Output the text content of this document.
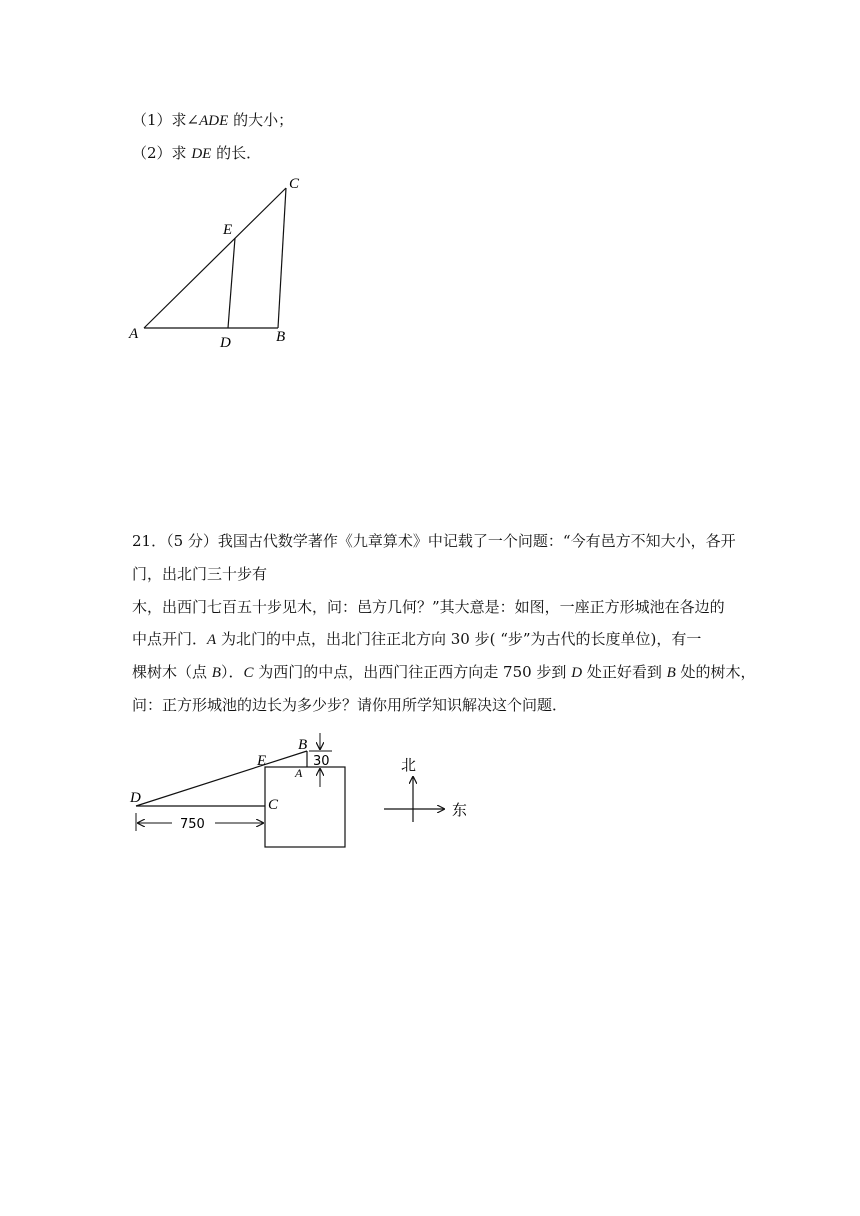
（1）求∠ADE 的大小；
（2）求 DE 的长．
A	B
C
D
E
21．（5 分）我国古代数学著作《九章算术》中记载了一个问题：“今有邑方不知大小，各开
门，出北门三十步有
木，出西门七百五十步见木，问：邑方几何？”其大意是：如图，一座正方形城池在各边的
中点开门．A 为北门的中点，出北门往正北方向 30 步( “步”为古代的长度单位)，有一
棵树木（点 B）．C 为西门的中点，出西门往正西方向走 750 步到 D 处正好看到 B 处的树木，
问：正方形城池的边长为多少步？请你用所学知识解决这个问题．
30
750
D	C
E
B
A	北
东
